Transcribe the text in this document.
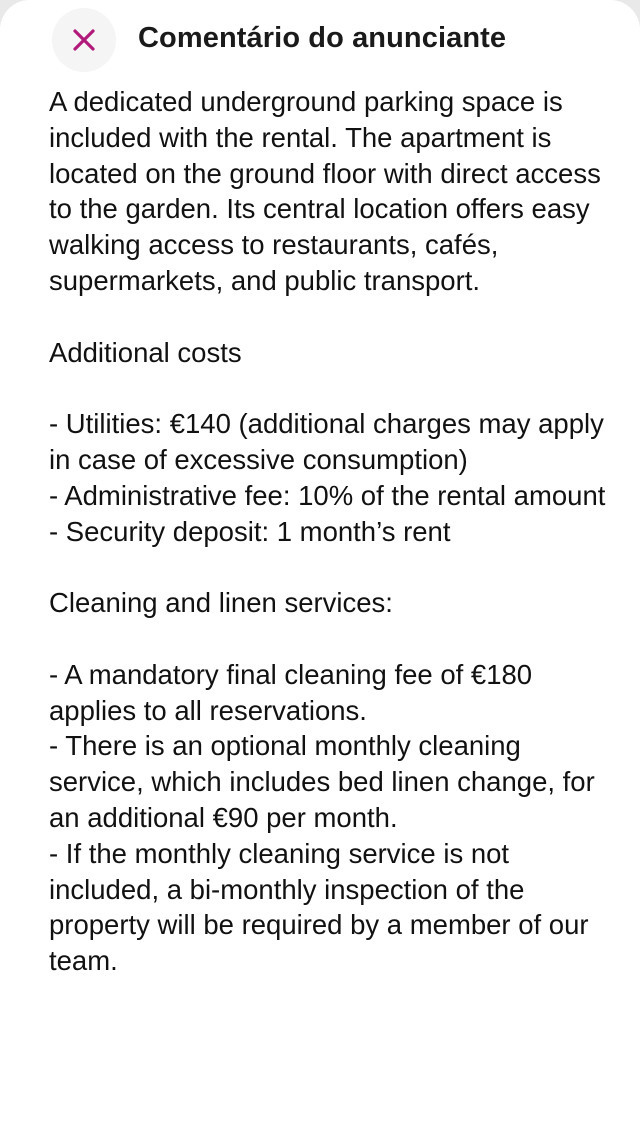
Comentário do anunciante

A dedicated underground parking space is included with the rental. The apartment is located on the ground floor with direct access to the garden. Its central location offers easy walking access to restaurants, cafés, supermarkets, and public transport.

Additional costs

- Utilities: €140 (additional charges may apply in case of excessive consumption)

- Administrative fee: 10% of the rental amount

- Security deposit: 1 month’s rent

Cleaning and linen services:

- A mandatory final cleaning fee of €180 applies to all reservations.

- There is an optional monthly cleaning service, which includes bed linen change, for an additional €90 per month.

- If the monthly cleaning service is not included, a bi-monthly inspection of the property will be required by a member of our team.
